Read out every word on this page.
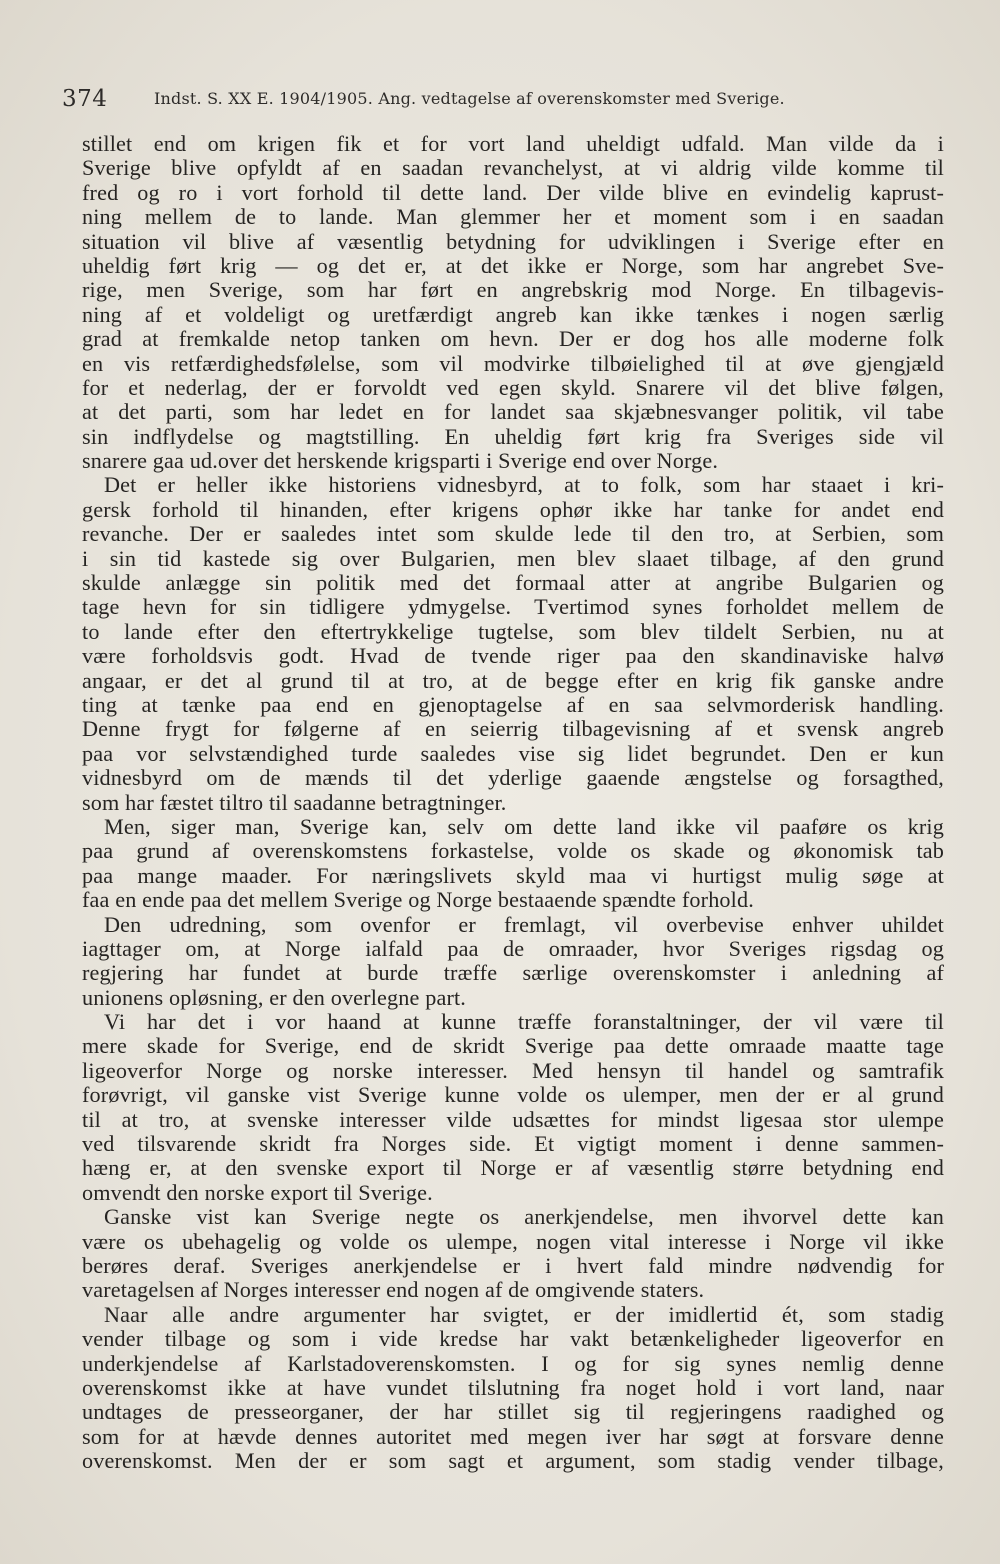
374	Indst. S. XX E. 1904/1905. Ang. vedtagelse af overenskomster med Sverige.
stillet end om krigen fik et for vort land uheldigt udfald. Man vilde da i
Sverige blive opfyldt af en saadan revanchelyst, at vi aldrig vilde komme til
fred og ro i vort forhold til dette land. Der vilde blive en evindelig kaprust-
ning mellem de to lande. Man glemmer her et moment som i en saadan
situation vil blive af væsentlig betydning for udviklingen i Sverige efter en
uheldig ført krig — og det er, at det ikke er Norge, som har angrebet Sve-
rige, men Sverige, som har ført en angrebskrig mod Norge. En tilbagevis-
ning af et voldeligt og uretfærdigt angreb kan ikke tænkes i nogen særlig
grad at fremkalde netop tanken om hevn. Der er dog hos alle moderne folk
en vis retfærdighedsfølelse, som vil modvirke tilbøielighed til at øve gjengjæld
for et nederlag, der er forvoldt ved egen skyld. Snarere vil det blive følgen,
at det parti, som har ledet en for landet saa skjæbnesvanger politik, vil tabe
sin indflydelse og magtstilling. En uheldig ført krig fra Sveriges side vil
snarere gaa ud.over det herskende krigsparti i Sverige end over Norge.
Det er heller ikke historiens vidnesbyrd, at to folk, som har staaet i kri-
gersk forhold til hinanden, efter krigens ophør ikke har tanke for andet end
revanche. Der er saaledes intet som skulde lede til den tro, at Serbien, som
i sin tid kastede sig over Bulgarien, men blev slaaet tilbage, af den grund
skulde anlægge sin politik med det formaal atter at angribe Bulgarien og
tage hevn for sin tidligere ydmygelse. Tvertimod synes forholdet mellem de
to lande efter den eftertrykkelige tugtelse, som blev tildelt Serbien, nu at
være forholdsvis godt. Hvad de tvende riger paa den skandinaviske halvø
angaar, er det al grund til at tro, at de begge efter en krig fik ganske andre
ting at tænke paa end en gjenoptagelse af en saa selvmorderisk handling.
Denne frygt for følgerne af en seierrig tilbagevisning af et svensk angreb
paa vor selvstændighed turde saaledes vise sig lidet begrundet. Den er kun
vidnesbyrd om de mænds til det yderlige gaaende ængstelse og forsagthed,
som har fæstet tiltro til saadanne betragtninger.
Men, siger man, Sverige kan, selv om dette land ikke vil paaføre os krig
paa grund af overenskomstens forkastelse, volde os skade og økonomisk tab
paa mange maader. For næringslivets skyld maa vi hurtigst mulig søge at
faa en ende paa det mellem Sverige og Norge bestaaende spændte forhold.
Den udredning, som ovenfor er fremlagt, vil overbevise enhver uhildet
iagttager om, at Norge ialfald paa de omraader, hvor Sveriges rigsdag og
regjering har fundet at burde træffe særlige overenskomster i anledning af
unionens opløsning, er den overlegne part.
Vi har det i vor haand at kunne træffe foranstaltninger, der vil være til
mere skade for Sverige, end de skridt Sverige paa dette omraade maatte tage
ligeoverfor Norge og norske interesser. Med hensyn til handel og samtrafik
forøvrigt, vil ganske vist Sverige kunne volde os ulemper, men der er al grund
til at tro, at svenske interesser vilde udsættes for mindst ligesaa stor ulempe
ved tilsvarende skridt fra Norges side. Et vigtigt moment i denne sammen-
hæng er, at den svenske export til Norge er af væsentlig større betydning end
omvendt den norske export til Sverige.
Ganske vist kan Sverige negte os anerkjendelse, men ihvorvel dette kan
være os ubehagelig og volde os ulempe, nogen vital interesse i Norge vil ikke
berøres deraf. Sveriges anerkjendelse er i hvert fald mindre nødvendig for
varetagelsen af Norges interesser end nogen af de omgivende staters.
Naar alle andre argumenter har svigtet, er der imidlertid ét, som stadig
vender tilbage og som i vide kredse har vakt betænkeligheder ligeoverfor en
underkjendelse af Karlstadoverenskomsten. I og for sig synes nemlig denne
overenskomst ikke at have vundet tilslutning fra noget hold i vort land, naar
undtages de presseorganer, der har stillet sig til regjeringens raadighed og
som for at hævde dennes autoritet med megen iver har søgt at forsvare denne
overenskomst. Men der er som sagt et argument, som stadig vender tilbage,
